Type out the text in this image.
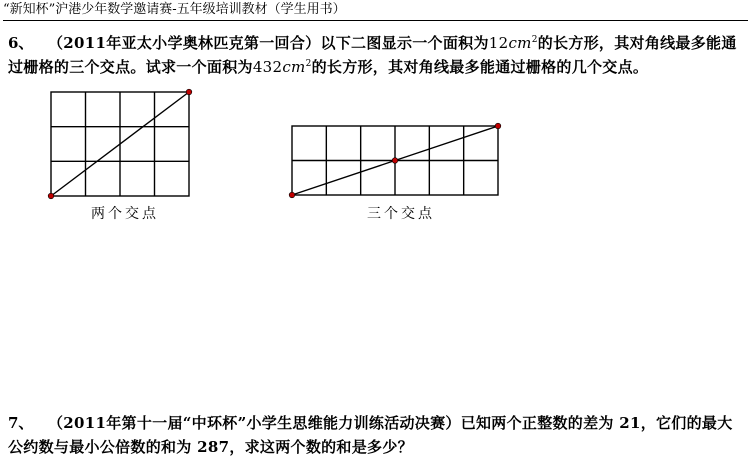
“新知杯”沪港少年数学邀请赛-五年级培训教材（学生用书）
6、 （2011年亚太小学奥林匹克第一回合）以下二图显示一个面积为$12cm^2$的长方形，其对角线最多能通
过栅格的三个交点。试求一个面积为$432cm^2$的长方形，其对角线最多能通过栅格的几个交点。
两个交点	三个交点
7、 （2011年第十一届“中环杯”小学生思维能力训练活动决赛）已知两个正整数的差为 21，它们的最大
公约数与最小公倍数的和为 287，求这两个数的和是多少？
